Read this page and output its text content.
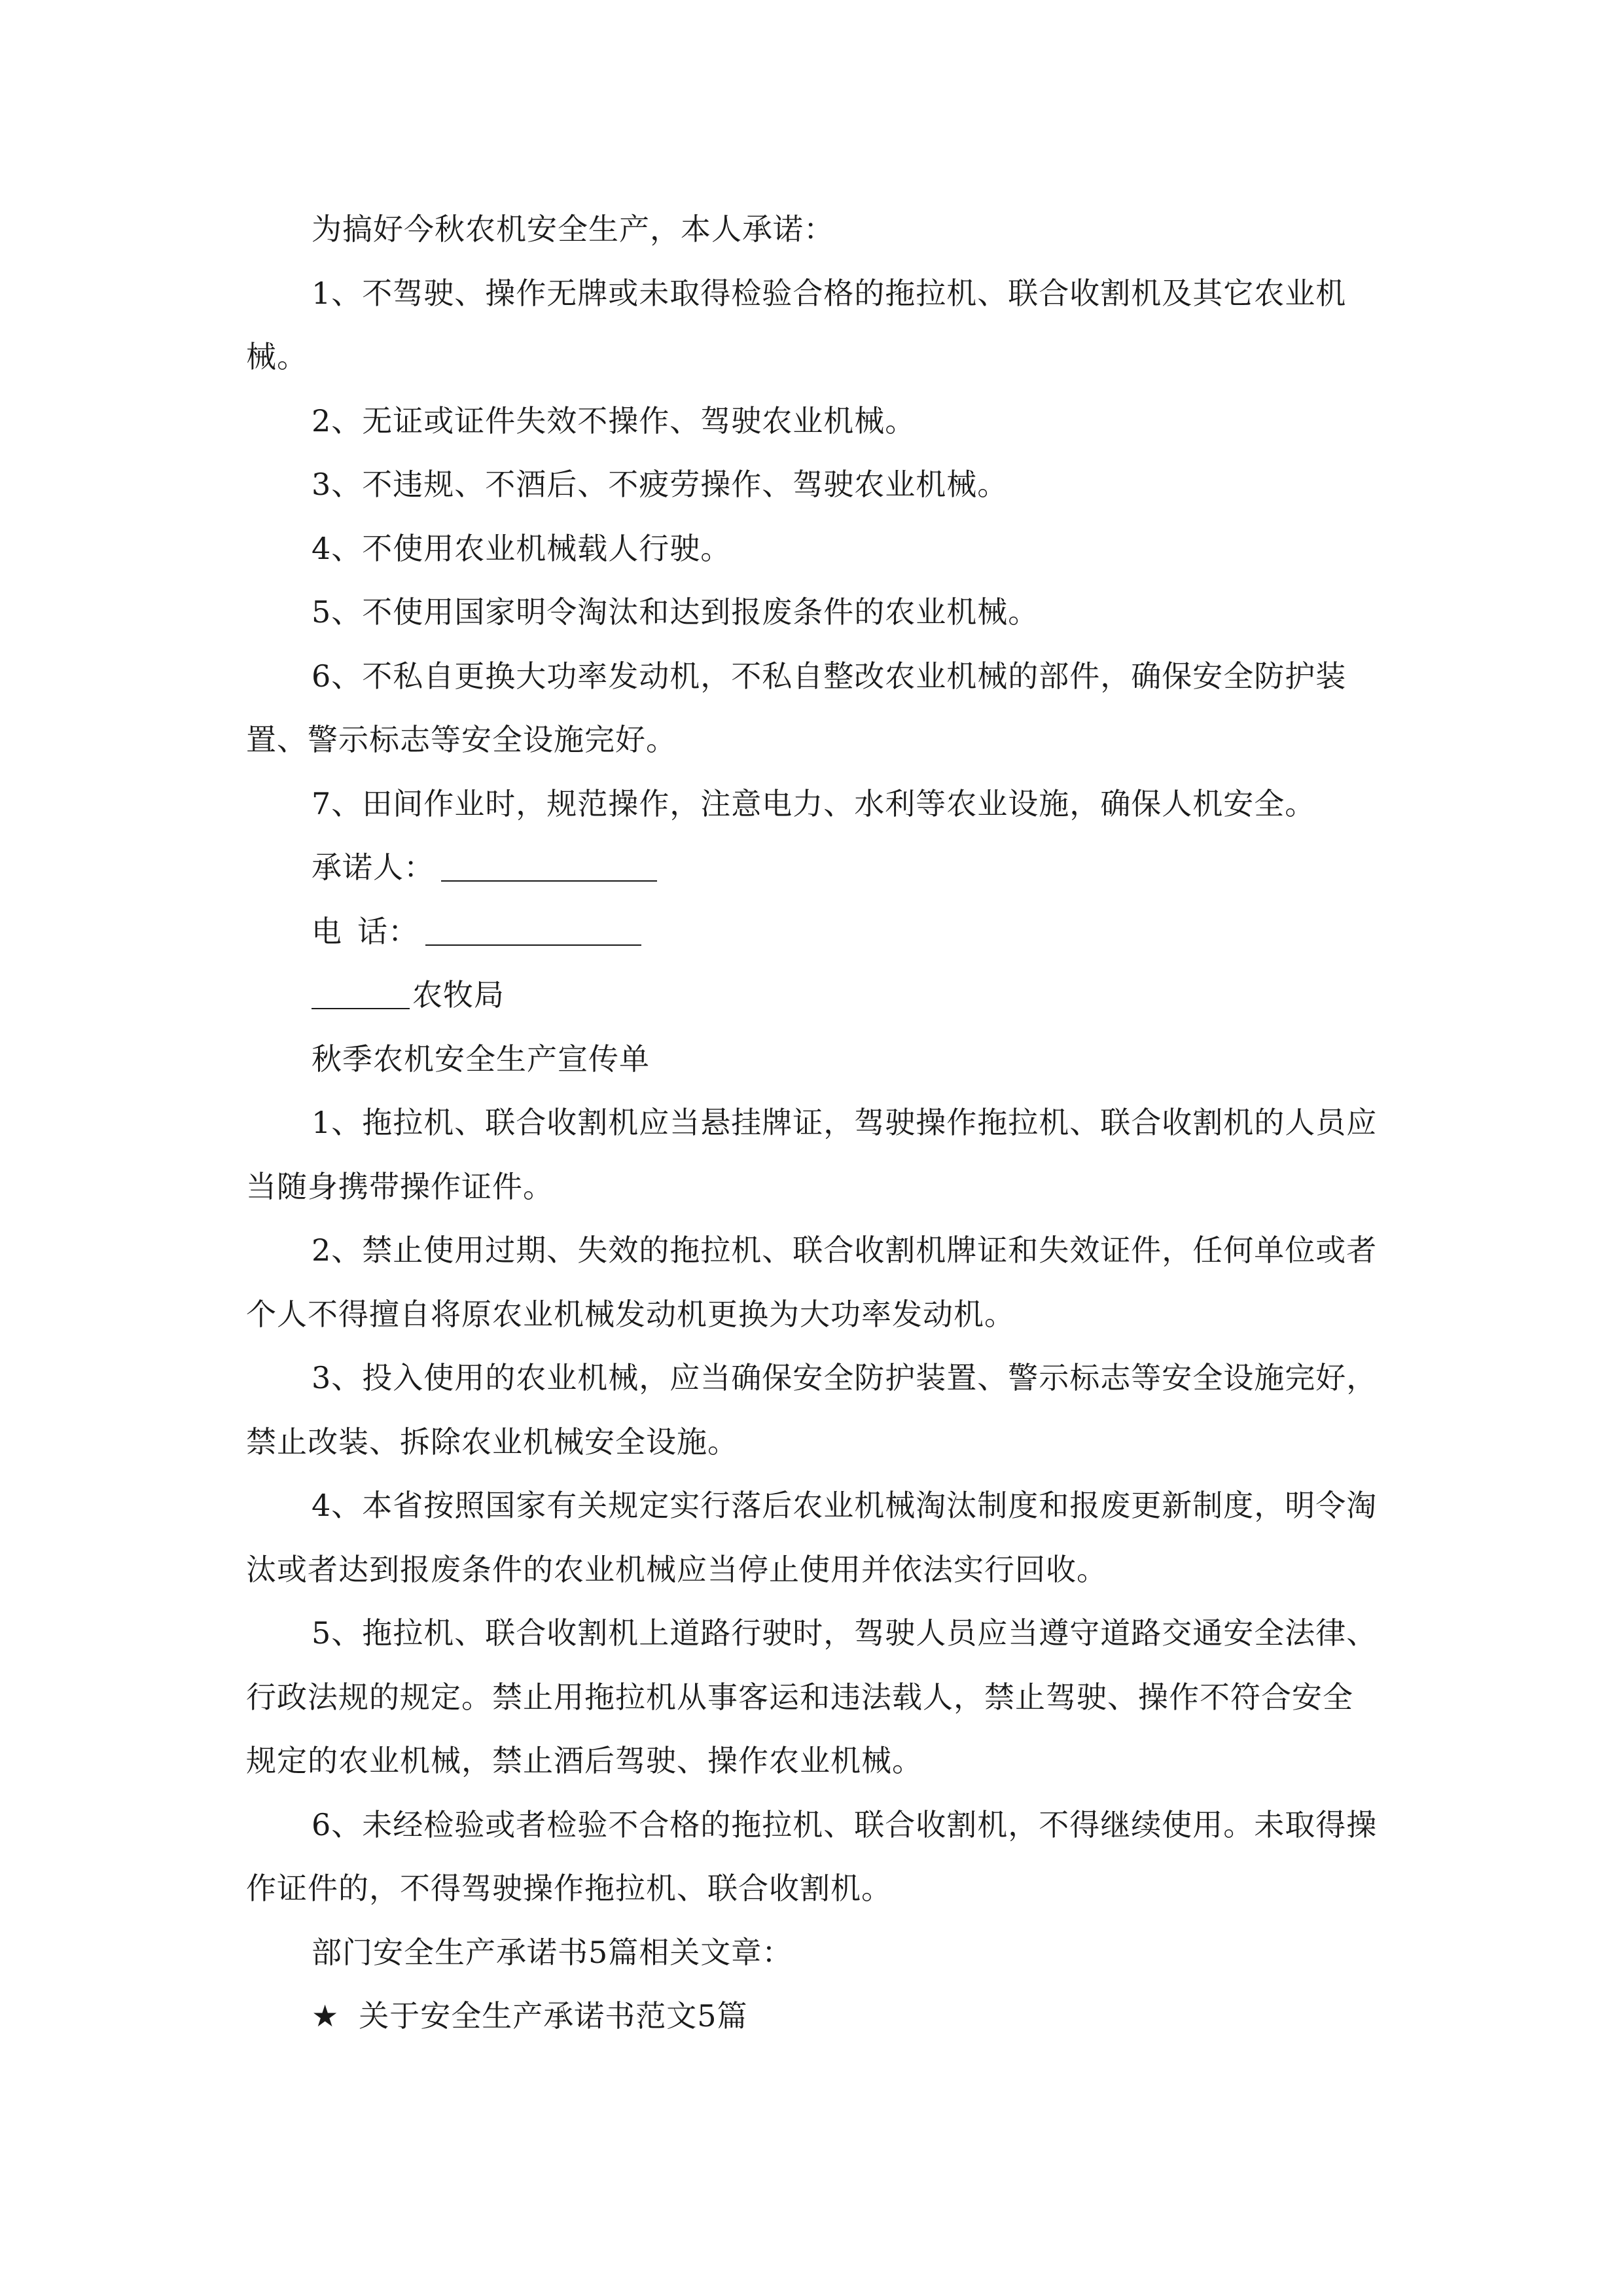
为搞好今秋农机安全生产，本人承诺：

1、不驾驶、操作无牌或未取得检验合格的拖拉机、联合收割机及其它农业机械。

2、无证或证件失效不操作、驾驶农业机械。

3、不违规、不酒后、不疲劳操作、驾驶农业机械。

4、不使用农业机械载人行驶。

5、不使用国家明令淘汰和达到报废条件的农业机械。

6、不私自更换大功率发动机，不私自整改农业机械的部件，确保安全防护装置、警示标志等安全设施完好。

7、田间作业时，规范操作，注意电力、水利等农业设施，确保人机安全。

承诺人：

电话：

农牧局

秋季农机安全生产宣传单

1、拖拉机、联合收割机应当悬挂牌证，驾驶操作拖拉机、联合收割机的人员应当随身携带操作证件。

2、禁止使用过期、失效的拖拉机、联合收割机牌证和失效证件，任何单位或者个人不得擅自将原农业机械发动机更换为大功率发动机。

3、投入使用的农业机械，应当确保安全防护装置、警示标志等安全设施完好，禁止改装、拆除农业机械安全设施。

4、本省按照国家有关规定实行落后农业机械淘汰制度和报废更新制度，明令淘汰或者达到报废条件的农业机械应当停止使用并依法实行回收。

5、拖拉机、联合收割机上道路行驶时，驾驶人员应当遵守道路交通安全法律、行政法规的规定。禁止用拖拉机从事客运和违法载人，禁止驾驶、操作不符合安全规定的农业机械，禁止酒后驾驶、操作农业机械。

6、未经检验或者检验不合格的拖拉机、联合收割机，不得继续使用。未取得操作证件的，不得驾驶操作拖拉机、联合收割机。

部门安全生产承诺书5篇相关文章：

★ 关于安全生产承诺书范文5篇
